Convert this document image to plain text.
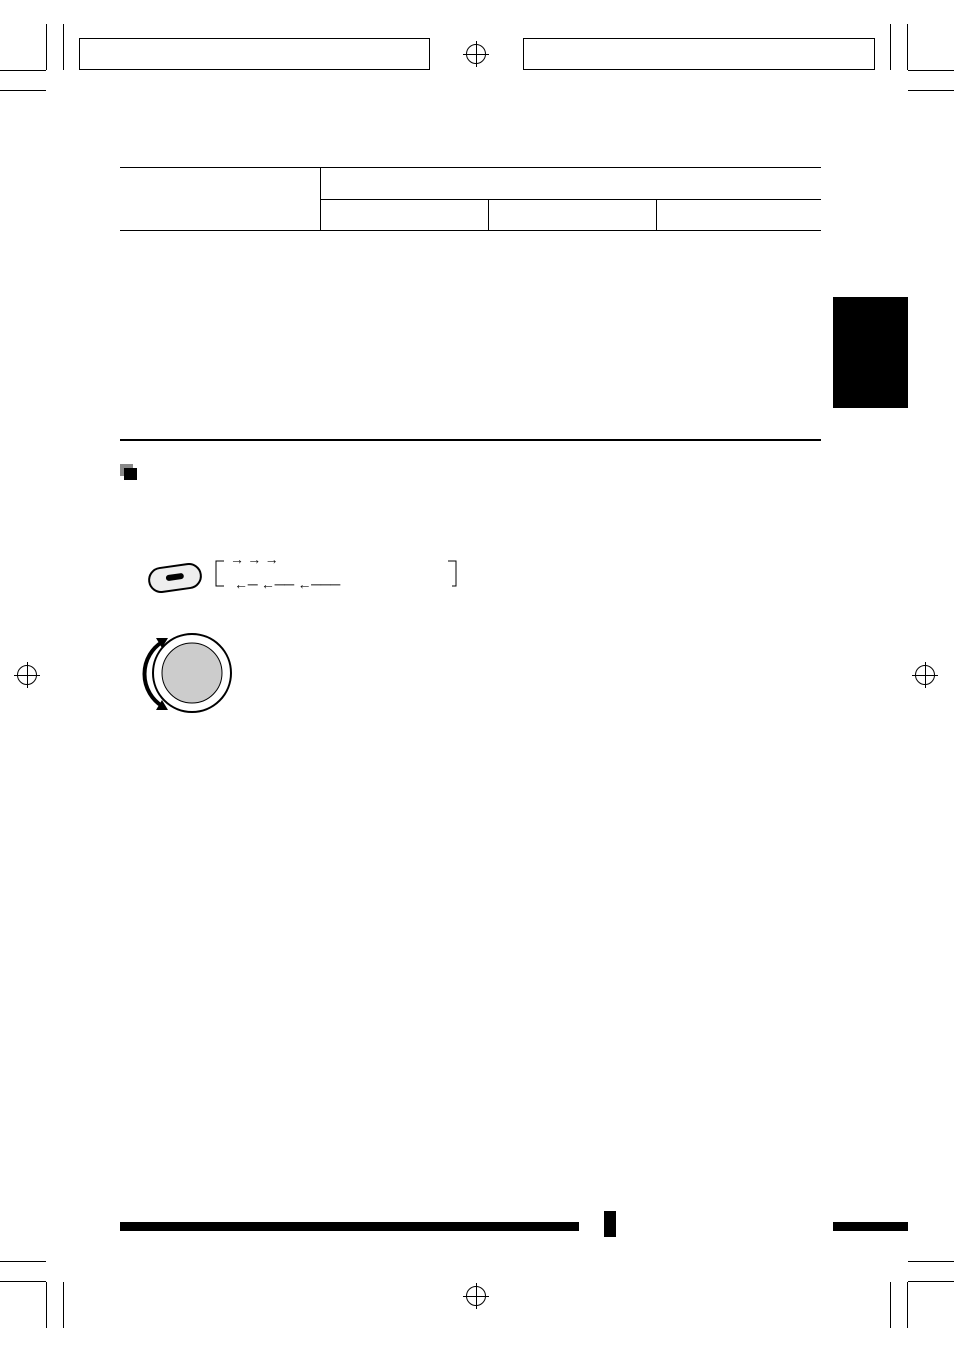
→ → →
←─ ←── ←───
